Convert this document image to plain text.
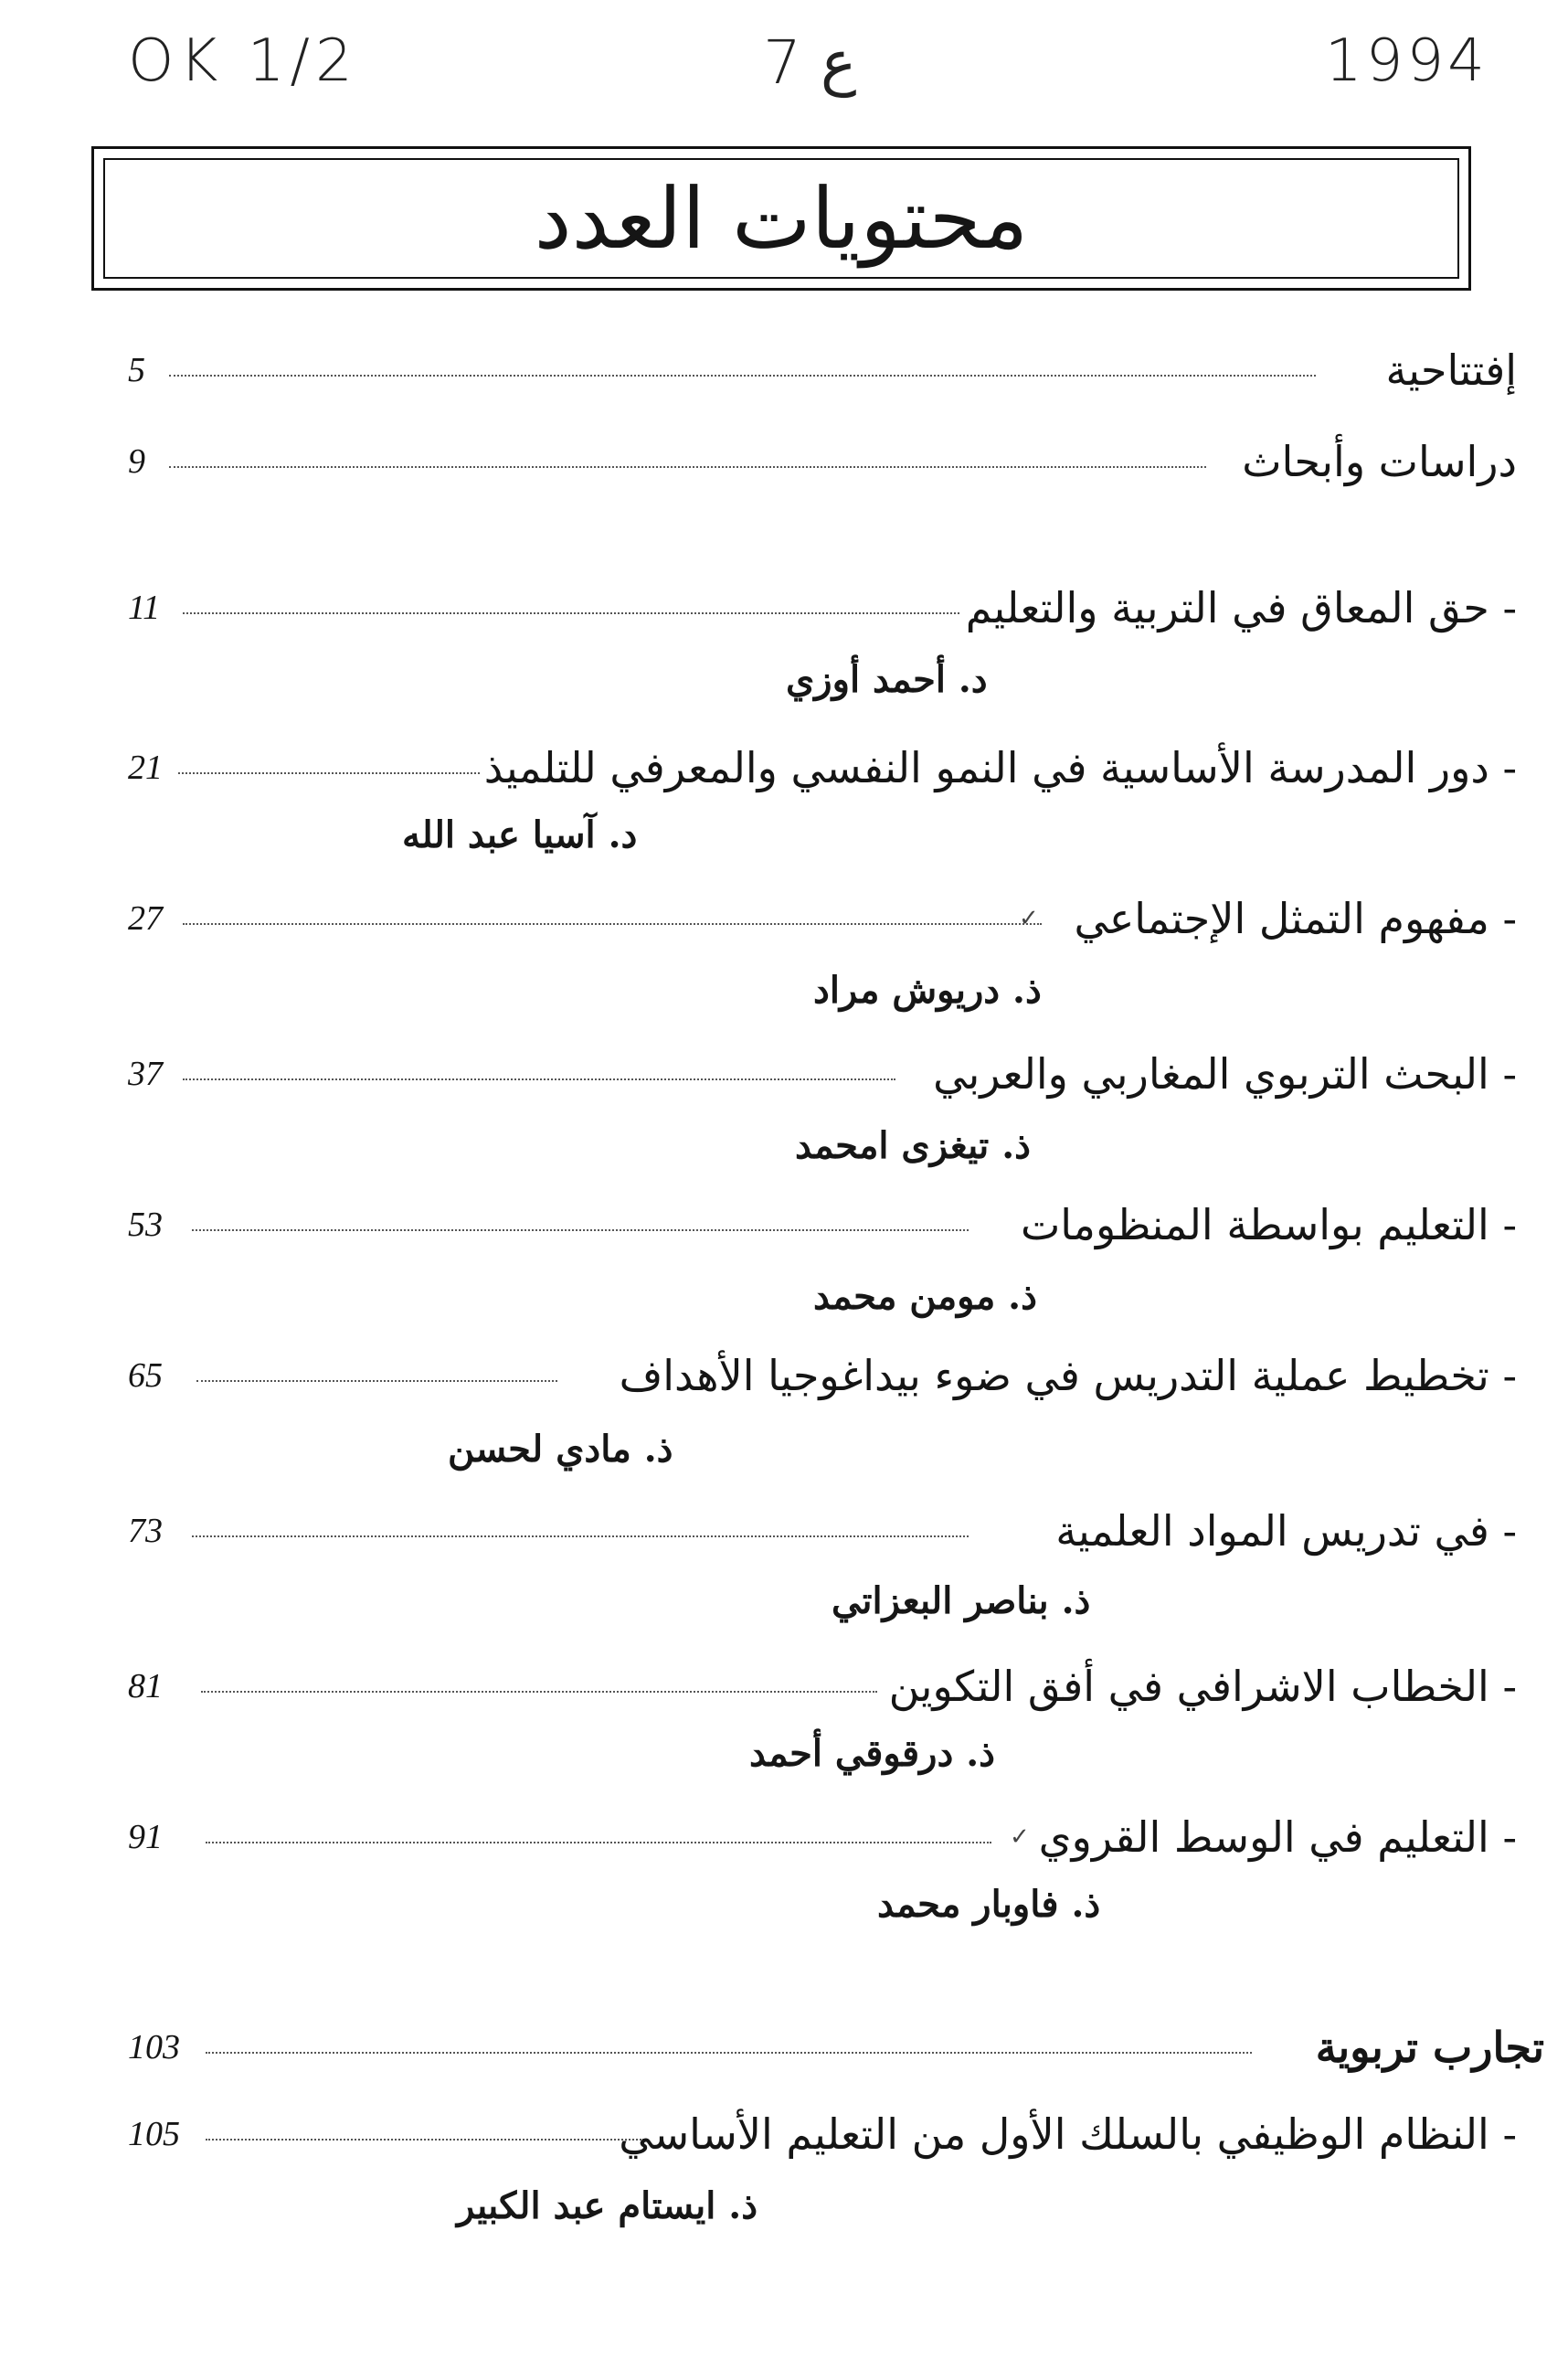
OK 1/2	7 ع	1994
محتويات العدد
5	إفتتاحية
9	دراسات وأبحاث
11	- حق المعاق في التربية والتعليم
د. أحمد أوزي
21	- دور المدرسة الأساسية في النمو النفسي والمعرفي للتلميذ
د. آسيا عبد الله
27	- مفهوم التمثل الإجتماعي
✓
ذ. دريوش مراد
37	- البحث التربوي المغاربي والعربي
ذ. تيغزى امحمد
53	- التعليم بواسطة المنظومات
ذ. مومن محمد
65	- تخطيط عملية التدريس في ضوء بيداغوجيا الأهداف
ذ. مادي لحسن
73	- في تدريس المواد العلمية
ذ. بناصر البعزاتي
81	- الخطاب الاشرافي في أفق التكوين
ذ. درقوقي أحمد
91	- التعليم في الوسط القروي
✓
ذ. فاوبار محمد
103	تجارب تربوية
105	- النظام الوظيفي بالسلك الأول من التعليم الأساسي
ذ. ايستام عبد الكبير
